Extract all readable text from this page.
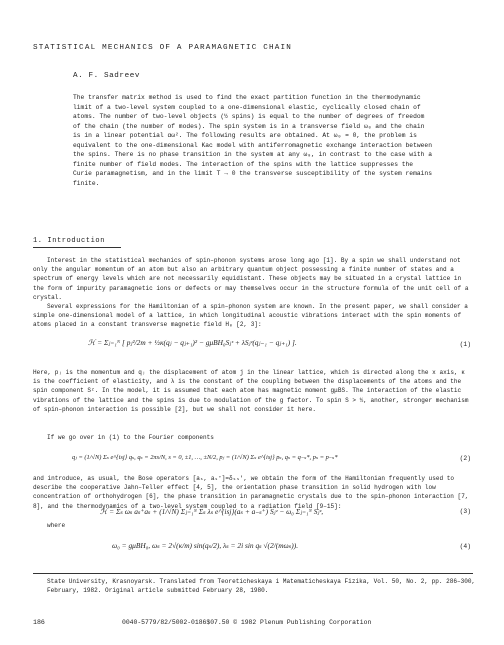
STATISTICAL MECHANICS OF A PARAMAGNETIC CHAIN
A. F. Sadreev
The transfer matrix method is used to find the exact partition function in the thermodynamic limit of a two-level system coupled to a one-dimensional elastic, cyclically closed chain of atoms. The number of two-level objects (½ spins) is equal to the number of degrees of freedom of the chain (the number of modes). The spin system is in a transverse field ω₀ and the chain is in a linear potential αω². The following results are obtained. At ω₀ = 0, the problem is equivalent to the one-dimensional Kac model with antiferromagnetic exchange interaction between the spins. There is no phase transition in the system at any ω₀, in contrast to the case with a finite number of field modes. The interaction of the spins with the lattice suppresses the Curie paramagnetism, and in the limit T → 0 the transverse susceptibility of the system remains finite.
1. Introduction
Interest in the statistical mechanics of spin–phonon systems arose long ago [1]. By a spin we shall understand not only the angular momentum of an atom but also an arbitrary quantum object possessing a finite number of states and a spectrum of energy levels which are not necessarily equidistant. These objects may be situated in a crystal lattice in the form of impurity paramagnetic ions or defects or may themselves occur in the structure formula of the unit cell of a crystal.
Several expressions for the Hamiltonian of a spin–phonon system are known. In the present paper, we shall consider a simple one-dimensional model of a lattice, in which longitudinal acoustic vibrations interact with the spin moments of atoms placed in a constant transverse magnetic field H₀ [2, 3]:
ℋ = Σⱼ₌₁ᴺ [ pⱼ²/2m + ½κ(qⱼ − qⱼ₊₁)² − gμBH₀Sⱼᶻ + λSⱼᶻ(qⱼ₋₁ − qⱼ₊₁) ].	(1)
Here, pⱼ is the momentum and qⱼ the displacement of atom j in the linear lattice, which is directed along the x axis, κ is the coefficient of elasticity, and λ is the constant of the coupling between the displacements of the atoms and the spin component Sᶻ. In the model, it is assumed that each atom has magnetic moment gμBS. The interaction of the elastic vibrations of the lattice and the spins is due to modulation of the g factor. To spin S > ½, another, stronger mechanism of spin–phonon interaction is possible [2], but we shall not consider it here.
If we go over in (1) to the Fourier components
qⱼ = (1/√N) Σₛ e^{isj} qₛ, qₛ = 2πs/N, s = 0, ±1, …, ±N/2, pⱼ = (1/√N) Σₛ e^{isj} pₛ, qₛ = q₋ₛ*, pₛ = p₋ₛ*	(2)
and introduce, as usual, the Bose operators [aₛ, aₛ⁺]=δₛₛ', we obtain the form of the Hamiltonian frequently used to describe the cooperative Jahn–Teller effect [4, 5], the orientation phase transition in solid hydrogen with low concentration of orthohydrogen [6], the phase transition in paramagnetic crystals due to the spin–phonon interaction [7, 8], and the thermodynamics of a two-level system coupled to a radiation field [9–15]:
ℋ = Σₛ ωₛ aₛ⁺aₛ + (1/√N) Σⱼ₌₁ᴺ Σₛ λₛ e^{isj}(aₛ + a₋ₛ⁺) Sⱼᶻ − ω₀ Σⱼ₌₁ᴺ Sⱼᶻ,	(3)
where
ω₀ = gμBH₀, ωₛ = 2√(κ/m) sin(qₛ/2), λₛ = 2i sin qₛ √(2/(mωₛ)).	(4)
State University, Krasnoyarsk. Translated from Teoreticheskaya i Matematicheskaya Fizika, Vol. 50, No. 2, pp. 286–300, February, 1982. Original article submitted February 28, 1980.
186	0040-5779/82/5002-0186$07.50 © 1982 Plenum Publishing Corporation
